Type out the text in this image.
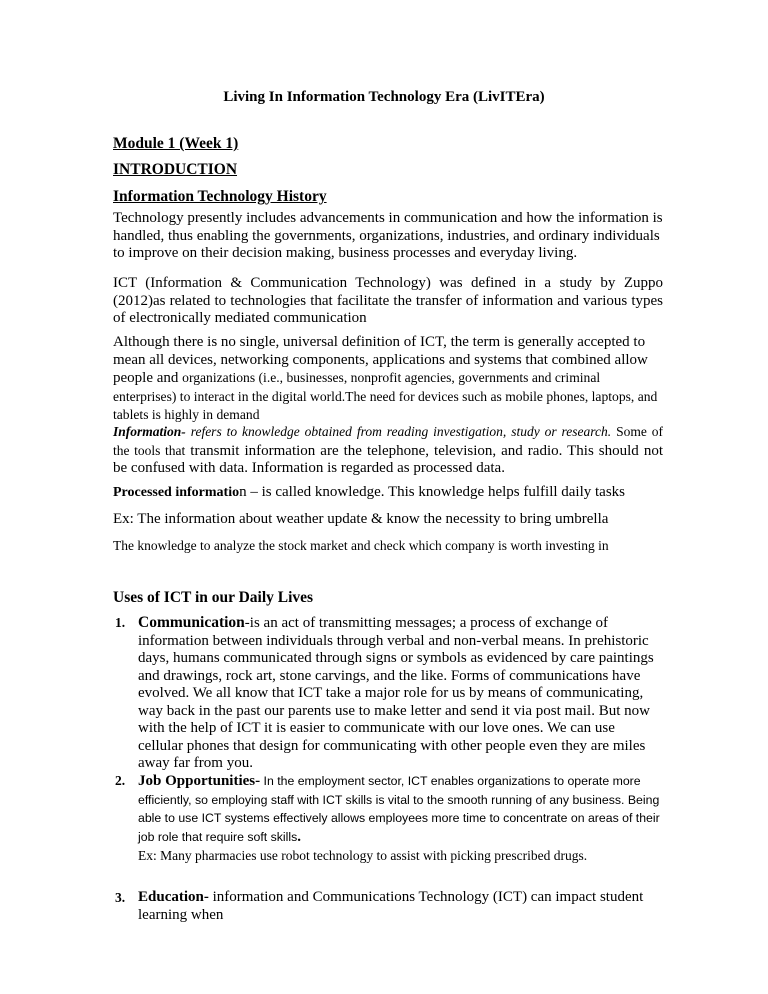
Living In Information Technology Era (LivITEra)

Module 1 (Week 1)

INTRODUCTION

Information Technology History

Technology presently includes advancements in communication and how the information is handled, thus enabling the governments, organizations, industries, and ordinary individuals to improve on their decision making, business processes and everyday living.

ICT (Information & Communication Technology) was defined in a study by Zuppo (2012)as related to technologies that facilitate the transfer of information and various types of electronically mediated communication

Although there is no single, universal definition of ICT, the term is generally accepted to mean all devices, networking components, applications and systems that combined allow people and organizations (i.e., businesses, nonprofit agencies, governments and criminal enterprises) to interact in the digital world.The need for devices such as mobile phones, laptops, and tablets is highly in demand

Information- refers to knowledge obtained from reading investigation, study or research. Some of the tools that transmit information are the telephone, television, and radio. This should not be confused with data. Information is regarded as processed data.

Processed information – is called knowledge. This knowledge helps fulfill daily tasks

Ex: The information about weather update & know the necessity to bring umbrella

The knowledge to analyze the stock market and check which company is worth investing in

Uses of ICT in our Daily Lives

1. Communication-is an act of transmitting messages; a process of exchange of information between individuals through verbal and non-verbal means. In prehistoric days, humans communicated through signs or symbols as evidenced by care paintings and drawings, rock art, stone carvings, and the like. Forms of communications have evolved. We all know that ICT take a major role for us by means of communicating, way back in the past our parents use to make letter and send it via post mail. But now with the help of ICT it is easier to communicate with our love ones. We can use cellular phones that design for communicating with other people even they are miles away far from you.
2. Job Opportunities- In the employment sector, ICT enables organizations to operate more efficiently, so employing staff with ICT skills is vital to the smooth running of any business. Being able to use ICT systems effectively allows employees more time to concentrate on areas of their job role that require soft skills.
Ex: Many pharmacies use robot technology to assist with picking prescribed drugs.
3. Education- information and Communications Technology (ICT) can impact student learning when
